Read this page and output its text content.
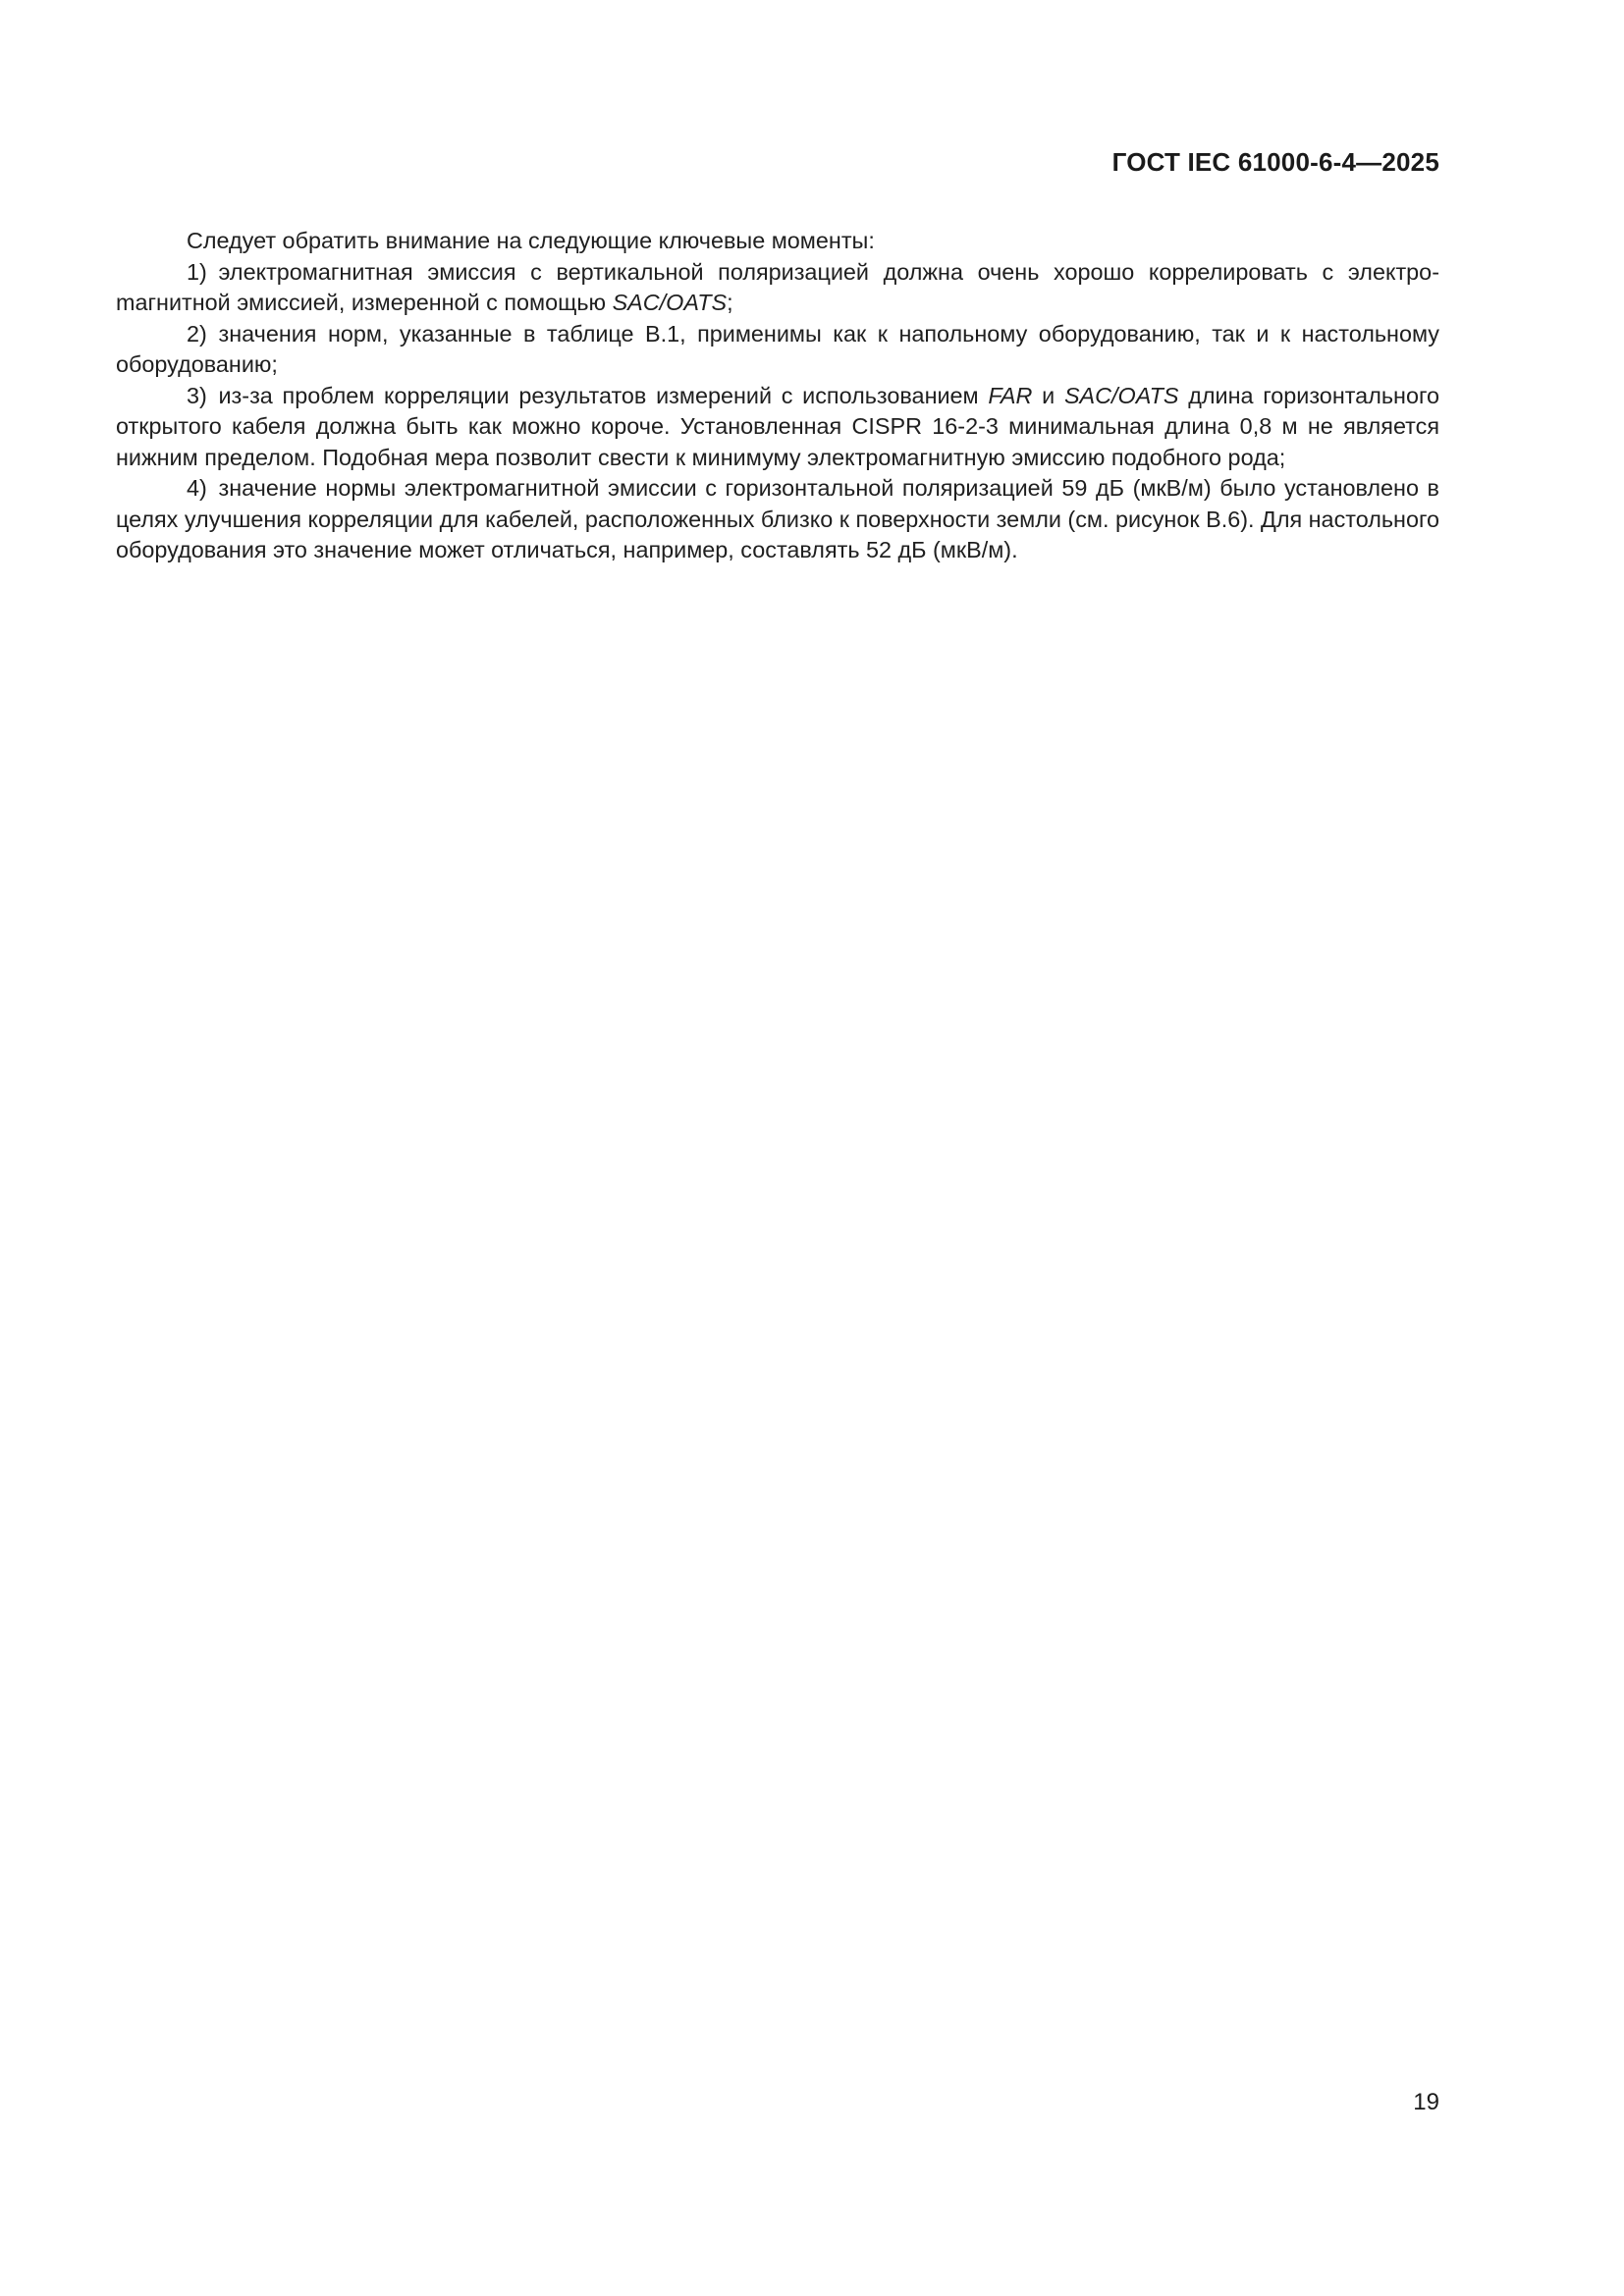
ГОСТ IEC 61000-6-4—2025

Следует обратить внимание на следующие ключевые моменты:

1) электромагнитная эмиссия с вертикальной поляризацией должна очень хорошо коррелировать с электроmагнитной эмиссией, измеренной с помощью SAC/OATS;

2) значения норм, указанные в таблице B.1, применимы как к напольному оборудованию, так и к настольному оборудованию;

3) из-за проблем корреляции результатов измерений с использованием FAR и SAC/OATS длина горизонтального открытого кабеля должна быть как можно короче. Установленная CISPR 16-2-3 минимальная длина 0,8 м не является нижним пределом. Подобная мера позволит свести к минимуму электромагнитную эмиссию подобного рода;

4) значение нормы электромагнитной эмиссии с горизонтальной поляризацией 59 дБ (мкВ/м) было установлено в целях улучшения корреляции для кабелей, расположенных близко к поверхности земли (см. рисунок B.6). Для настольного оборудования это значение может отличаться, например, составлять 52 дБ (мкВ/м).

19
